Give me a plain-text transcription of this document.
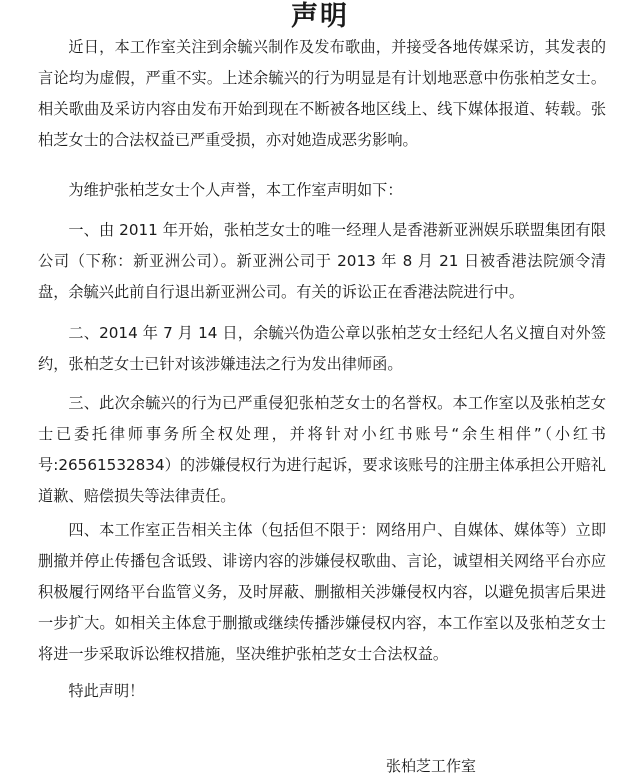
声明

近日，本工作室关注到余毓兴制作及发布歌曲，并接受各地传媒采访，其发表的言论均为虚假，严重不实。上述余毓兴的行为明显是有计划地恶意中伤张柏芝女士。相关歌曲及采访内容由发布开始到现在不断被各地区线上、线下媒体报道、转载。张柏芝女士的合法权益已严重受损，亦对她造成恶劣影响。

为维护张柏芝女士个人声誉，本工作室声明如下：

一、由 2011 年开始，张柏芝女士的唯一经理人是香港新亚洲娱乐联盟集团有限公司（下称：新亚洲公司）。新亚洲公司于 2013 年 8 月 21 日被香港法院颁令清盘，余毓兴此前自行退出新亚洲公司。有关的诉讼正在香港法院进行中。

二、2014 年 7 月 14 日，余毓兴伪造公章以张柏芝女士经纪人名义擅自对外签约，张柏芝女士已针对该涉嫌违法之行为发出律师函。

三、此次余毓兴的行为已严重侵犯张柏芝女士的名誉权。本工作室以及张柏芝女士已委托律师事务所全权处理，并将针对小红书账号“余生相伴”（小红书号:26561532834）的涉嫌侵权行为进行起诉，要求该账号的注册主体承担公开赔礼道歉、赔偿损失等法律责任。

四、本工作室正告相关主体（包括但不限于：网络用户、自媒体、媒体等）立即删撤并停止传播包含诋毁、诽谤内容的涉嫌侵权歌曲、言论，诚望相关网络平台亦应积极履行网络平台监管义务，及时屏蔽、删撤相关涉嫌侵权内容，以避免损害后果进一步扩大。如相关主体怠于删撤或继续传播涉嫌侵权内容，本工作室以及张柏芝女士将进一步采取诉讼维权措施，坚决维护张柏芝女士合法权益。

特此声明！

张柏芝工作室
